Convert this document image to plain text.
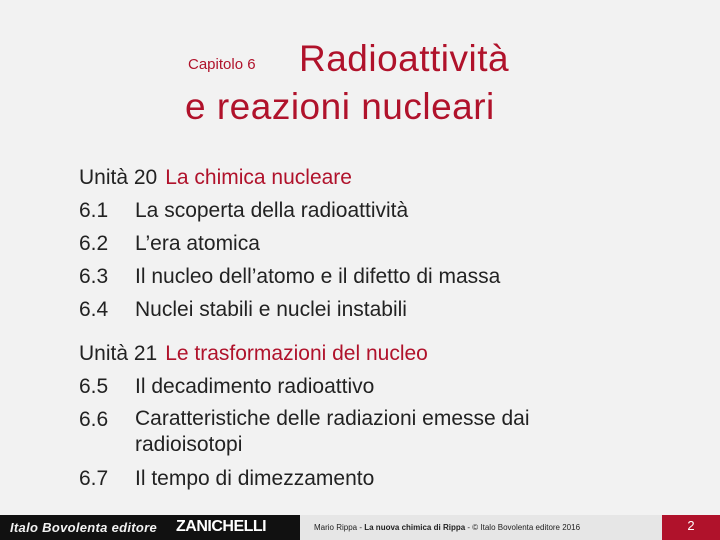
Capitolo 6 Radioattività
e reazioni nucleari
Unità 20 La chimica nucleare
6.1	La scoperta della radioattività
6.2	L’era atomica
6.3	Il nucleo dell’atomo e il difetto di massa
6.4	Nuclei stabili e nuclei instabili
Unità 21 Le trasformazioni del nucleo
6.5	Il decadimento radioattivo
6.6	Caratteristiche delle radiazioni emesse dai radioisotopi
6.7	Il tempo di dimezzamento
Italo Bovolenta editore ZANICHELLI	Mario Rippa - La nuova chimica di Rippa - © Italo Bovolenta editore 2016	2
